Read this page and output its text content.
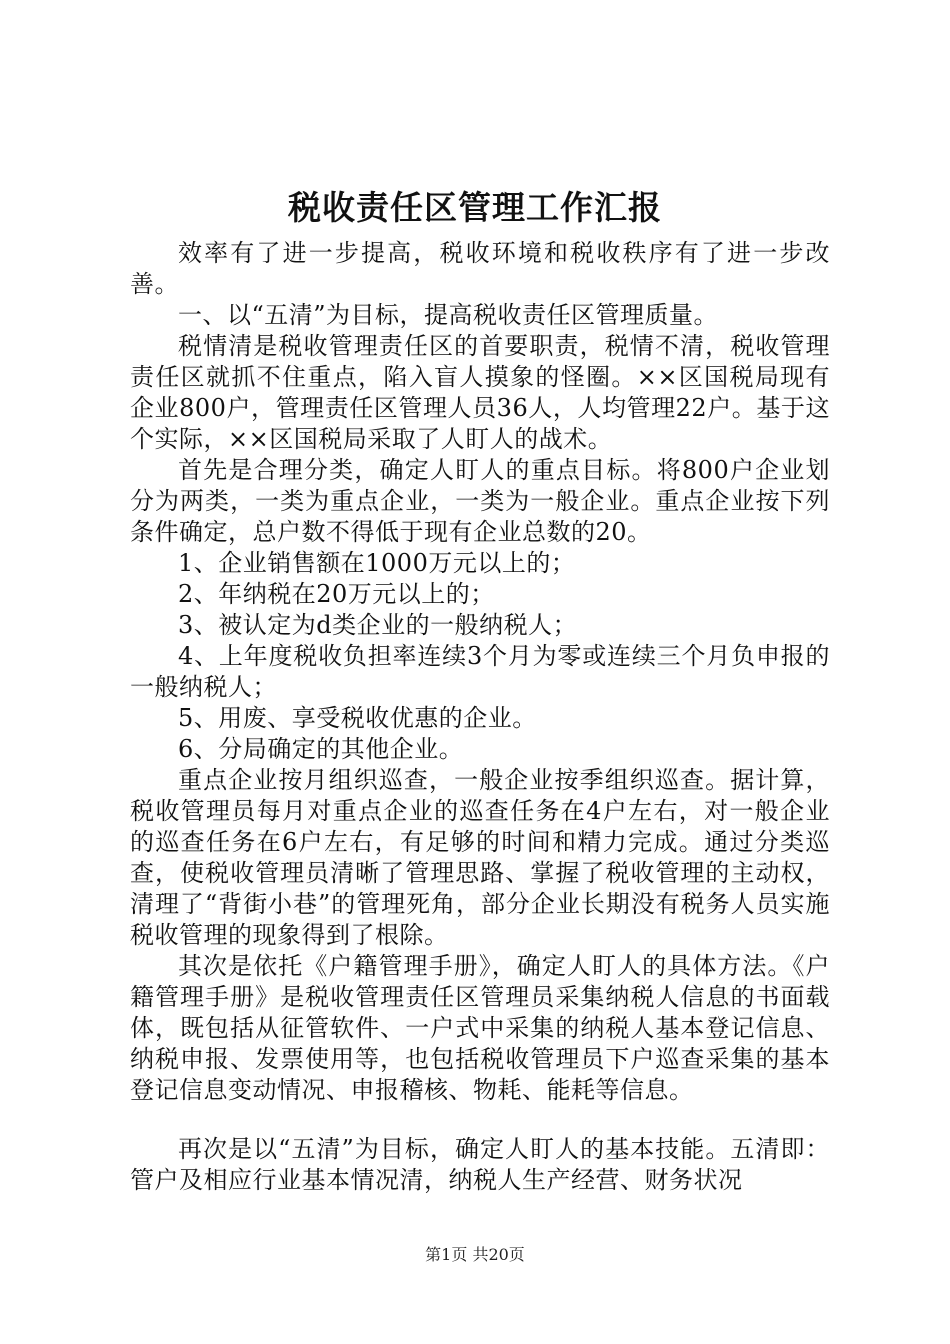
税收责任区管理工作汇报

效率有了进一步提高，税收环境和税收秩序有了进一步改善。

一、以“五清”为目标，提高税收责任区管理质量。

税情清是税收管理责任区的首要职责，税情不清，税收管理责任区就抓不住重点，陷入盲人摸象的怪圈。××区国税局现有企业800户，管理责任区管理人员36人，人均管理22户。基于这个实际，××区国税局采取了人盯人的战术。

首先是合理分类，确定人盯人的重点目标。将800户企业划分为两类，一类为重点企业，一类为一般企业。重点企业按下列条件确定，总户数不得低于现有企业总数的20。

1、企业销售额在1000万元以上的；

2、年纳税在20万元以上的；

3、被认定为d类企业的一般纳税人；

4、上年度税收负担率连续3个月为零或连续三个月负申报的一般纳税人；

5、用废、享受税收优惠的企业。

6、分局确定的其他企业。

重点企业按月组织巡查，一般企业按季组织巡查。据计算，税收管理员每月对重点企业的巡查任务在4户左右，对一般企业的巡查任务在6户左右，有足够的时间和精力完成。通过分类巡查，使税收管理员清晰了管理思路、掌握了税收管理的主动权，清理了“背街小巷”的管理死角，部分企业长期没有税务人员实施税收管理的现象得到了根除。

其次是依托《户籍管理手册》，确定人盯人的具体方法。《户籍管理手册》是税收管理责任区管理员采集纳税人信息的书面载体，既包括从征管软件、一户式中采集的纳税人基本登记信息、纳税申报、发票使用等，也包括税收管理员下户巡查采集的基本登记信息变动情况、申报稽核、物耗、能耗等信息。

再次是以“五清”为目标，确定人盯人的基本技能。五清即：管户及相应行业基本情况清，纳税人生产经营、财务状况

第1页 共20页
